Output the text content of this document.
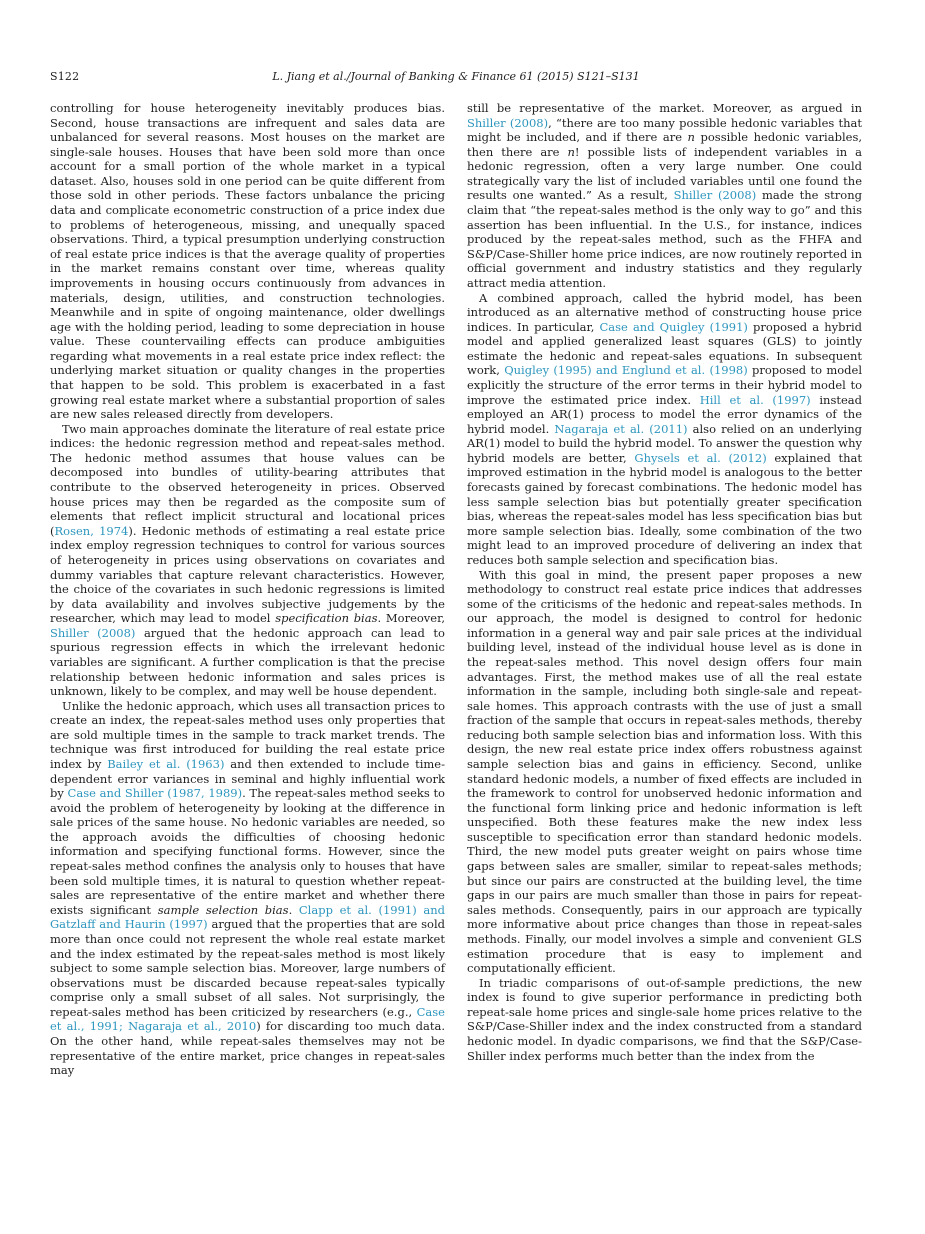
S122	L. Jiang et al./Journal of Banking & Finance 61 (2015) S121–S131

controlling for house heterogeneity inevitably produces bias. Second, house transactions are infrequent and sales data are unbalanced for several reasons. Most houses on the market are single-sale houses. Houses that have been sold more than once account for a small portion of the whole market in a typical dataset. Also, houses sold in one period can be quite different from those sold in other periods. These factors unbalance the pricing data and complicate econometric construction of a price index due to problems of heterogeneous, missing, and unequally spaced observations. Third, a typical presumption underlying construction of real estate price indices is that the average quality of properties in the market remains constant over time, whereas quality improvements in housing occurs continuously from advances in materials, design, utilities, and construction technologies. Meanwhile and in spite of ongoing maintenance, older dwellings age with the holding period, leading to some depreciation in house value. These countervailing effects can produce ambiguities regarding what movements in a real estate price index reflect: the underlying market situation or quality changes in the properties that happen to be sold. This problem is exacerbated in a fast growing real estate market where a substantial proportion of sales are new sales released directly from developers.

Two main approaches dominate the literature of real estate price indices: the hedonic regression method and repeat-sales method. The hedonic method assumes that house values can be decomposed into bundles of utility-bearing attributes that contribute to the observed heterogeneity in prices. Observed house prices may then be regarded as the composite sum of elements that reflect implicit structural and locational prices (Rosen, 1974). Hedonic methods of estimating a real estate price index employ regression techniques to control for various sources of heterogeneity in prices using observations on covariates and dummy variables that capture relevant characteristics. However, the choice of the covariates in such hedonic regressions is limited by data availability and involves subjective judgements by the researcher, which may lead to model specification bias. Moreover, Shiller (2008) argued that the hedonic approach can lead to spurious regression effects in which the irrelevant hedonic variables are significant. A further complication is that the precise relationship between hedonic information and sales prices is unknown, likely to be complex, and may well be house dependent.

Unlike the hedonic approach, which uses all transaction prices to create an index, the repeat-sales method uses only properties that are sold multiple times in the sample to track market trends. The technique was first introduced for building the real estate price index by Bailey et al. (1963) and then extended to include time-dependent error variances in seminal and highly influential work by Case and Shiller (1987, 1989). The repeat-sales method seeks to avoid the problem of heterogeneity by looking at the difference in sale prices of the same house. No hedonic variables are needed, so the approach avoids the difficulties of choosing hedonic information and specifying functional forms. However, since the repeat-sales method confines the analysis only to houses that have been sold multiple times, it is natural to question whether repeat-sales are representative of the entire market and whether there exists significant sample selection bias. Clapp et al. (1991) and Gatzlaff and Haurin (1997) argued that the properties that are sold more than once could not represent the whole real estate market and the index estimated by the repeat-sales method is most likely subject to some sample selection bias. Moreover, large numbers of observations must be discarded because repeat-sales typically comprise only a small subset of all sales. Not surprisingly, the repeat-sales method has been criticized by researchers (e.g., Case et al., 1991; Nagaraja et al., 2010) for discarding too much data. On the other hand, while repeat-sales themselves may not be representative of the entire market, price changes in repeat-sales may

still be representative of the market. Moreover, as argued in Shiller (2008), “there are too many possible hedonic variables that might be included, and if there are n possible hedonic variables, then there are n! possible lists of independent variables in a hedonic regression, often a very large number. One could strategically vary the list of included variables until one found the results one wanted.” As a result, Shiller (2008) made the strong claim that “the repeat-sales method is the only way to go” and this assertion has been influential. In the U.S., for instance, indices produced by the repeat-sales method, such as the FHFA and S&P/Case-Shiller home price indices, are now routinely reported in official government and industry statistics and they regularly attract media attention.

A combined approach, called the hybrid model, has been introduced as an alternative method of constructing house price indices. In particular, Case and Quigley (1991) proposed a hybrid model and applied generalized least squares (GLS) to jointly estimate the hedonic and repeat-sales equations. In subsequent work, Quigley (1995) and Englund et al. (1998) proposed to model explicitly the structure of the error terms in their hybrid model to improve the estimated price index. Hill et al. (1997) instead employed an AR(1) process to model the error dynamics of the hybrid model. Nagaraja et al. (2011) also relied on an underlying AR(1) model to build the hybrid model. To answer the question why hybrid models are better, Ghysels et al. (2012) explained that improved estimation in the hybrid model is analogous to the better forecasts gained by forecast combinations. The hedonic model has less sample selection bias but potentially greater specification bias, whereas the repeat-sales model has less specification bias but more sample selection bias. Ideally, some combination of the two might lead to an improved procedure of delivering an index that reduces both sample selection and specification bias.

With this goal in mind, the present paper proposes a new methodology to construct real estate price indices that addresses some of the criticisms of the hedonic and repeat-sales methods. In our approach, the model is designed to control for hedonic information in a general way and pair sale prices at the individual building level, instead of the individual house level as is done in the repeat-sales method. This novel design offers four main advantages. First, the method makes use of all the real estate information in the sample, including both single-sale and repeat-sale homes. This approach contrasts with the use of just a small fraction of the sample that occurs in repeat-sales methods, thereby reducing both sample selection bias and information loss. With this design, the new real estate price index offers robustness against sample selection bias and gains in efficiency. Second, unlike standard hedonic models, a number of fixed effects are included in the framework to control for unobserved hedonic information and the functional form linking price and hedonic information is left unspecified. Both these features make the new index less susceptible to specification error than standard hedonic models. Third, the new model puts greater weight on pairs whose time gaps between sales are smaller, similar to repeat-sales methods; but since our pairs are constructed at the building level, the time gaps in our pairs are much smaller than those in pairs for repeat-sales methods. Consequently, pairs in our approach are typically more informative about price changes than those in repeat-sales methods. Finally, our model involves a simple and convenient GLS estimation procedure that is easy to implement and computationally efficient.

In triadic comparisons of out-of-sample predictions, the new index is found to give superior performance in predicting both repeat-sale home prices and single-sale home prices relative to the S&P/Case-Shiller index and the index constructed from a standard hedonic model. In dyadic comparisons, we find that the S&P/Case-Shiller index performs much better than the index from the
